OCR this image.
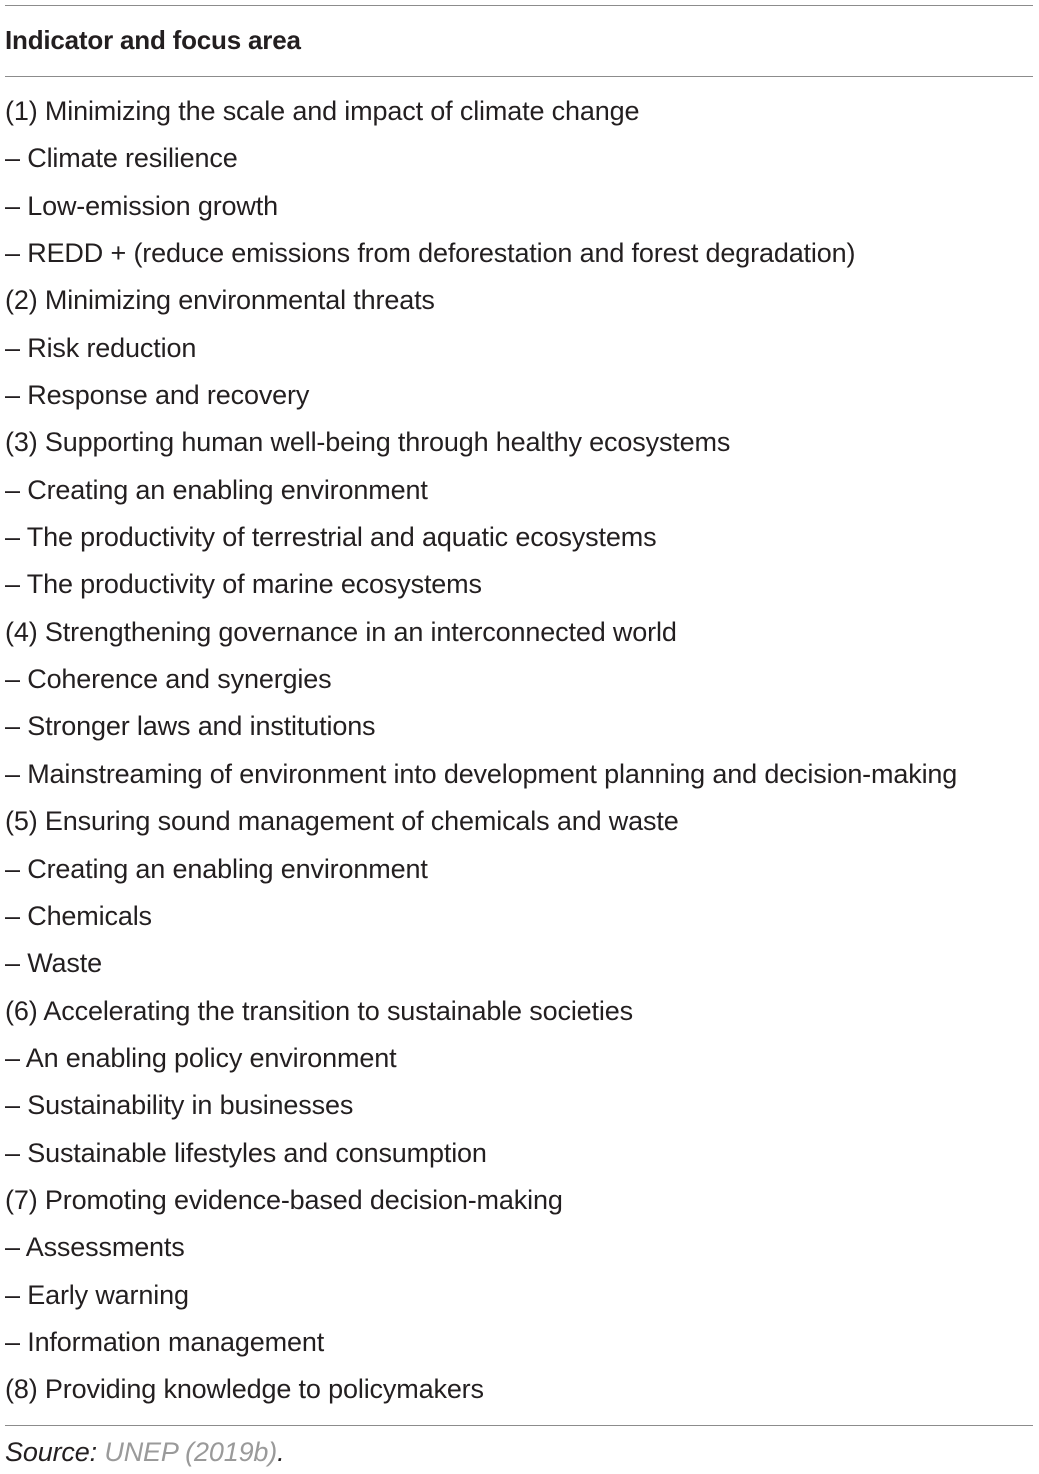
Indicator and focus area
(1) Minimizing the scale and impact of climate change
– Climate resilience
– Low-emission growth
– REDD + (reduce emissions from deforestation and forest degradation)
(2) Minimizing environmental threats
– Risk reduction
– Response and recovery
(3) Supporting human well-being through healthy ecosystems
– Creating an enabling environment
– The productivity of terrestrial and aquatic ecosystems
– The productivity of marine ecosystems
(4) Strengthening governance in an interconnected world
– Coherence and synergies
– Stronger laws and institutions
– Mainstreaming of environment into development planning and decision-making
(5) Ensuring sound management of chemicals and waste
– Creating an enabling environment
– Chemicals
– Waste
(6) Accelerating the transition to sustainable societies
– An enabling policy environment
– Sustainability in businesses
– Sustainable lifestyles and consumption
(7) Promoting evidence-based decision-making
– Assessments
– Early warning
– Information management
(8) Providing knowledge to policymakers
Source: UNEP (2019b).
